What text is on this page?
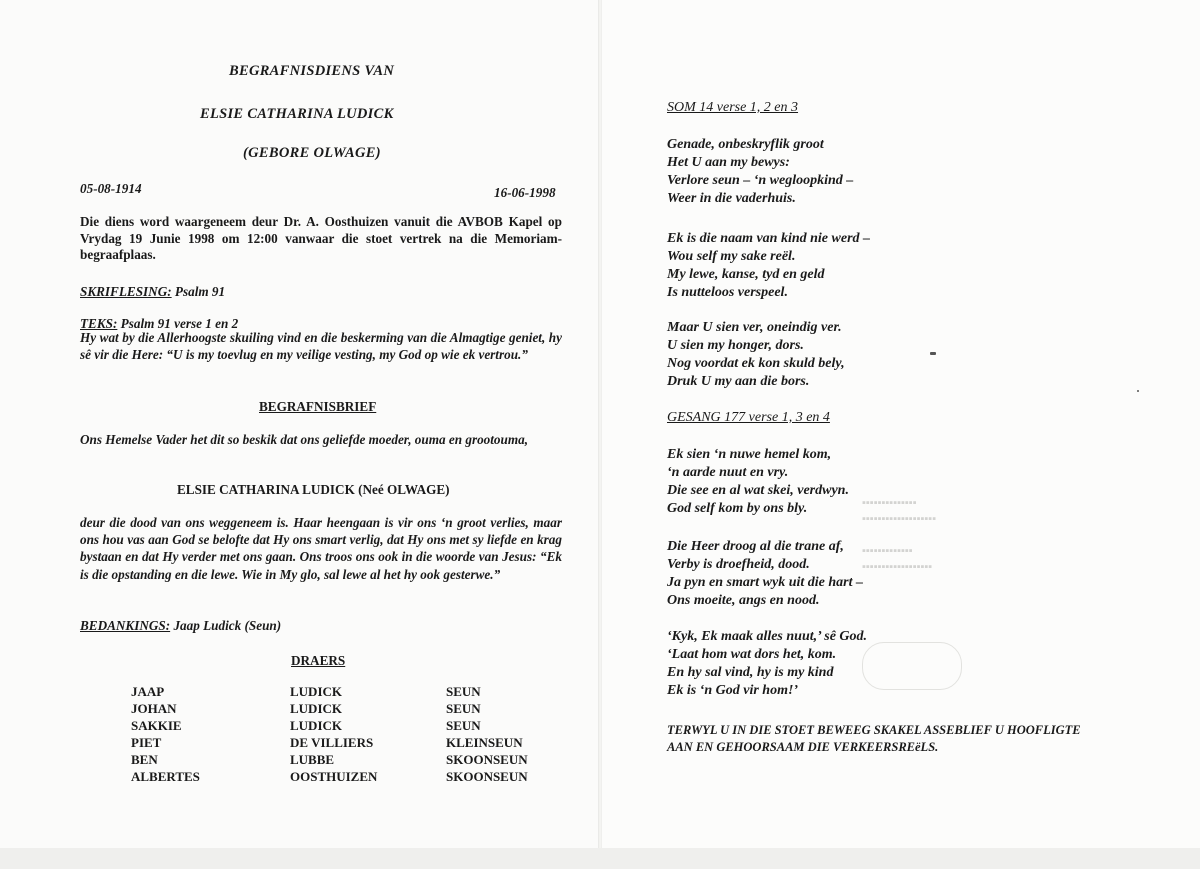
▪▪▪▪▪▪▪▪▪▪▪▪▪▪
▪▪▪▪▪▪▪▪▪▪▪▪▪▪▪▪▪▪▪
▪▪▪▪▪▪▪▪▪▪▪▪▪
▪▪▪▪▪▪▪▪▪▪▪▪▪▪▪▪▪▪
BEGRAFNISDIENS VAN
ELSIE CATHARINA LUDICK
(GEBORE OLWAGE)
05-08-1914	16-06-1998
Die diens word waargeneem deur Dr. A. Oosthuizen vanuit die AVBOB Kapel op Vrydag 19 Junie 1998 om 12:00 vanwaar die stoet vertrek na die Memoriam-begraafplaas.
SKRIFLESING: Psalm 91
TEKS: Psalm 91 verse 1 en 2
Hy wat by die Allerhoogste skuiling vind en die beskerming van die Almagtige geniet, hy sê vir die Here: “U is my toevlug en my veilige vesting, my God op wie ek vertrou.”
BEGRAFNISBRIEF
Ons Hemelse Vader het dit so beskik dat ons geliefde moeder, ouma en grootouma,
ELSIE CATHARINA LUDICK (Neé OLWAGE)
deur die dood van ons weggeneem is. Haar heengaan is vir ons ‘n groot verlies, maar ons hou vas aan God se belofte dat Hy ons smart verlig, dat Hy ons met sy liefde en krag bystaan en dat Hy verder met ons gaan. Ons troos ons ook in die woorde van Jesus: “Ek is die opstanding en die lewe. Wie in My glo, sal lewe al het hy ook gesterwe.”
BEDANKINGS: Jaap Ludick (Seun)
DRAERS
JAAP
JOHAN
SAKKIE
PIET
BEN
ALBERTES
LUDICK
LUDICK
LUDICK
DE VILLIERS
LUBBE
OOSTHUIZEN
SEUN
SEUN
SEUN
KLEINSEUN
SKOONSEUN
SKOONSEUN
SOM 14 verse 1, 2 en 3
Genade, onbeskryflik groot
Het U aan my bewys:
Verlore seun – ‘n wegloopkind –
Weer in die vaderhuis.
Ek is die naam van kind nie werd –
Wou self my sake reël.
My lewe, kanse, tyd en geld
Is nutteloos verspeel.
Maar U sien ver, oneindig ver.
U sien my honger, dors.
Nog voordat ek kon skuld bely,
Druk U my aan die bors.
GESANG 177 verse 1, 3 en 4
Ek sien ‘n nuwe hemel kom,
‘n aarde nuut en vry.
Die see en al wat skei, verdwyn.
God self kom by ons bly.
Die Heer droog al die trane af,
Verby is droefheid, dood.
Ja pyn en smart wyk uit die hart –
Ons moeite, angs en nood.
‘Kyk, Ek maak alles nuut,’ sê God.
‘Laat hom wat dors het, kom.
En hy sal vind, hy is my kind
Ek is ‘n God vir hom!’
TERWYL U IN DIE STOET BEWEEG SKAKEL ASSEBLIEF U HOOFLIGTE AAN EN GEHOORSAAM DIE VERKEERSREëLS.
